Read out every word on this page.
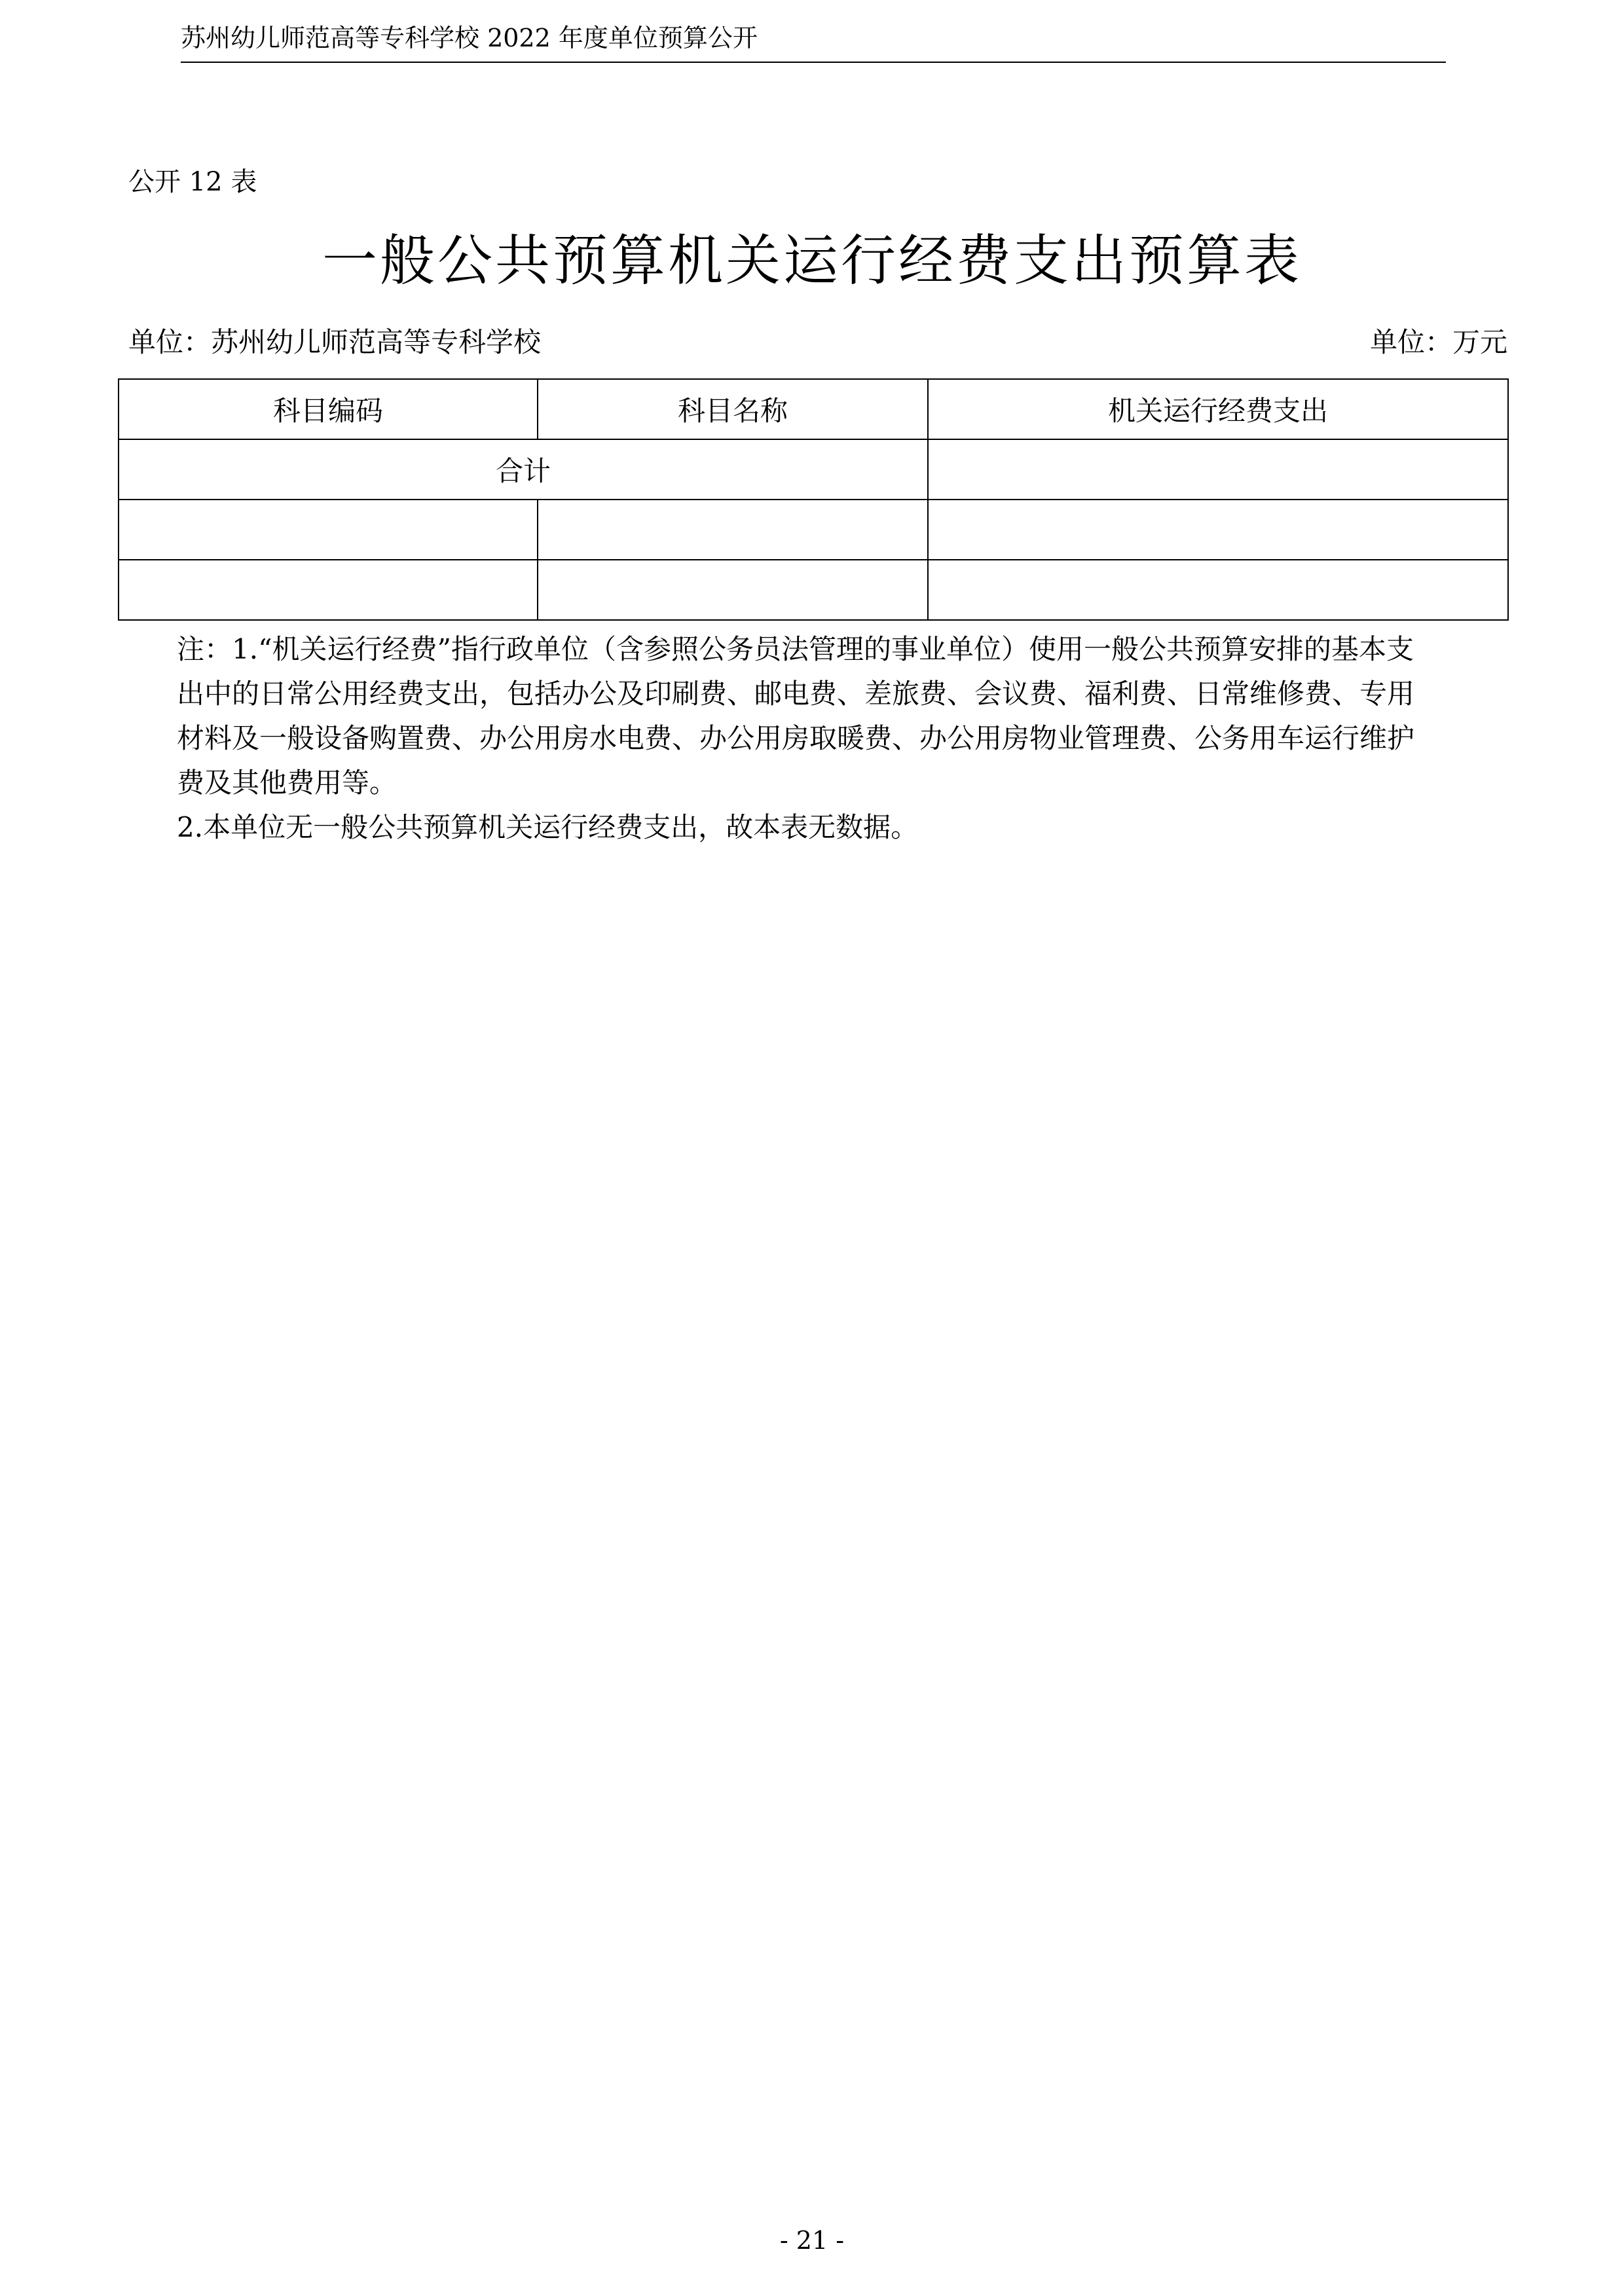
苏州幼儿师范高等专科学校 2022 年度单位预算公开
公开 12 表
一般公共预算机关运行经费支出预算表
单位：苏州幼儿师范高等专科学校	单位：万元
科目编码	科目名称	机关运行经费支出
合计		

注：1.“机关运行经费”指行政单位（含参照公务员法管理的事业单位）使用一般公共预算安排的基本支出中的日常公用经费支出，包括办公及印刷费、邮电费、差旅费、会议费、福利费、日常维修费、专用材料及一般设备购置费、办公用房水电费、办公用房取暖费、办公用房物业管理费、公务用车运行维护费及其他费用等。

2.本单位无一般公共预算机关运行经费支出，故本表无数据。

- 21 -
